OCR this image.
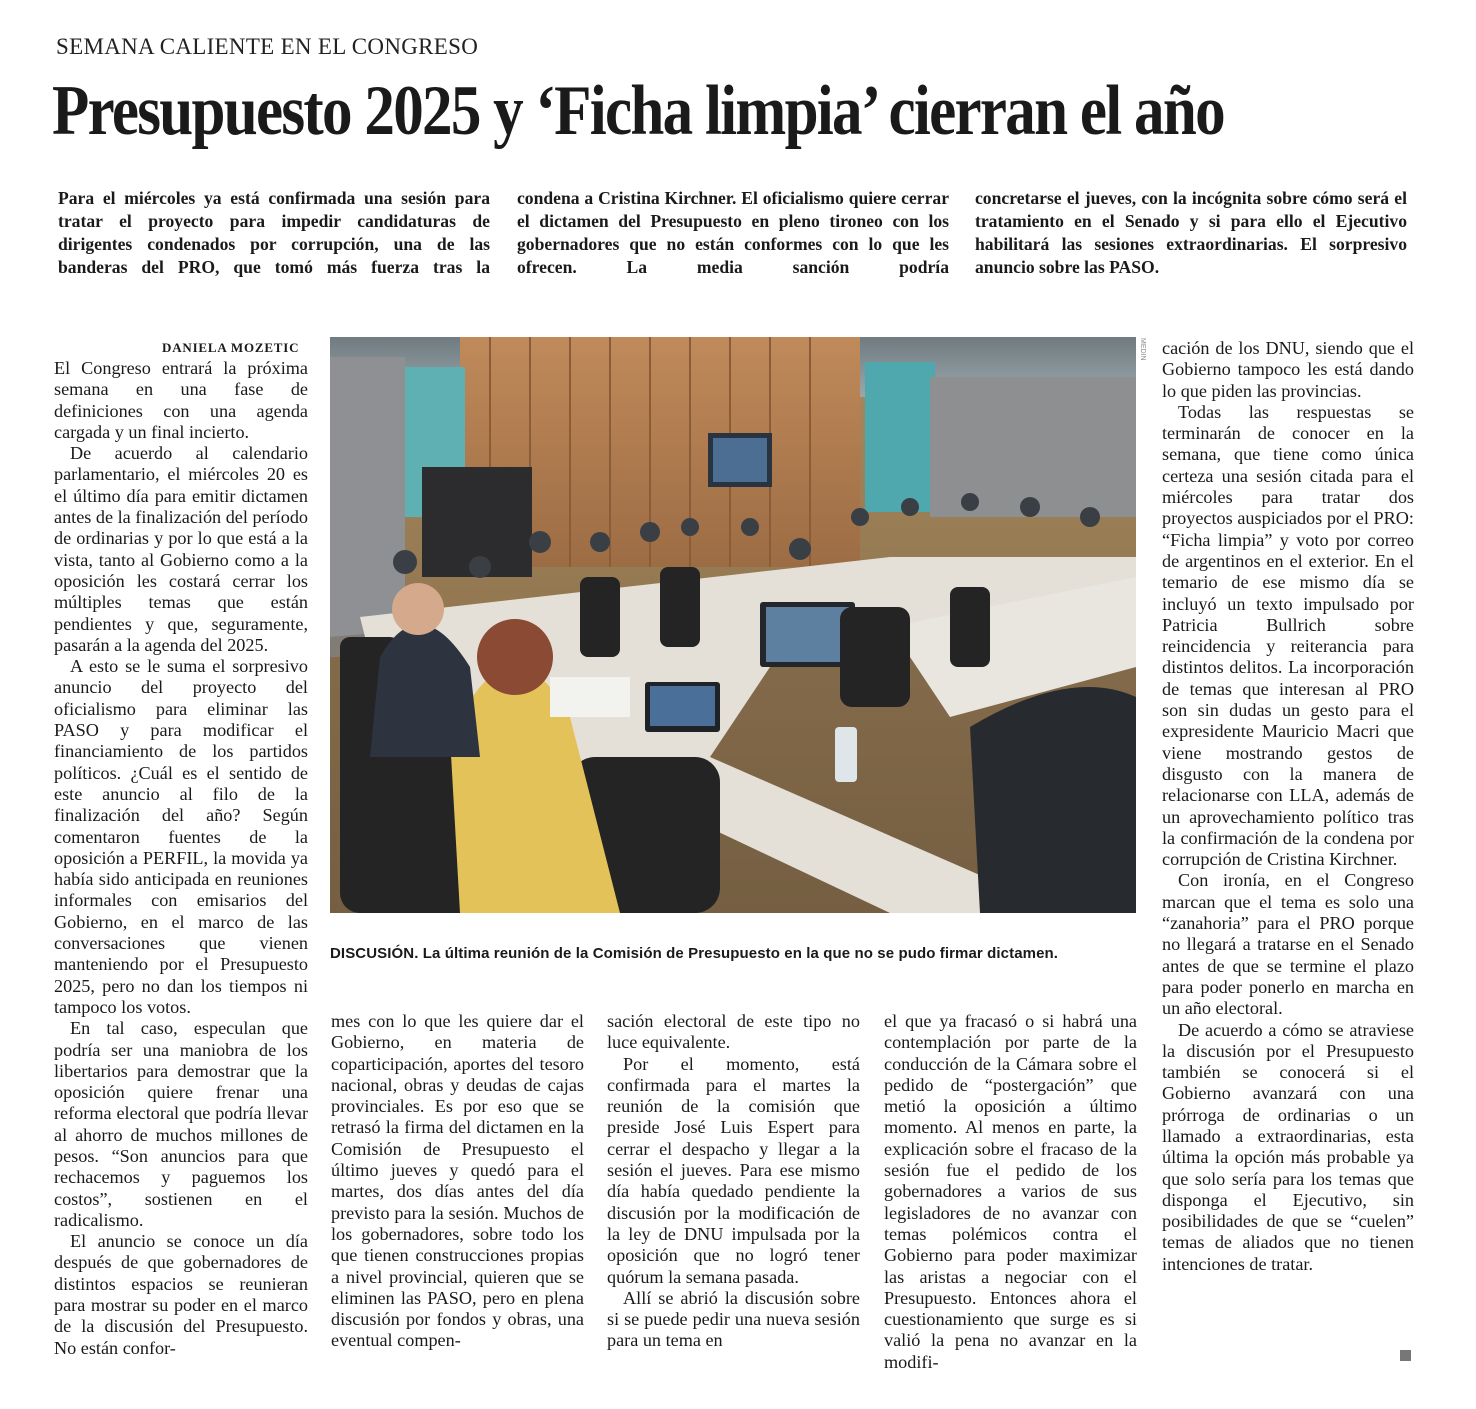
SEMANA CALIENTE EN EL CONGRESO
Presupuesto 2025 y ‘Ficha limpia’ cierran el año

Para el miércoles ya está confirmada una sesión para tratar el proyecto para impedir candidaturas de dirigentes condenados por corrupción, una de las banderas del PRO, que tomó más fuerza tras la

condena a Cristina Kirchner. El oficialismo quiere cerrar el dictamen del Presupuesto en pleno tironeo con los gobernadores que no están conformes con lo que les ofrecen. La media sanción podría

concretarse el jueves, con la incógnita sobre cómo será el tratamiento en el Senado y si para ello el Ejecutivo habilitará las sesiones extraordinarias. El sorpresivo anuncio sobre las PASO.

DANIELA MOZETIC

El Congreso entrará la próxima semana en una fase de definiciones con una agenda cargada y un final incierto.

De acuerdo al calendario parlamentario, el miércoles 20 es el último día para emitir dictamen antes de la finalización del período de ordinarias y por lo que está a la vista, tanto al Gobierno como a la oposición les costará cerrar los múltiples temas que están pendientes y que, seguramente, pasarán a la agenda del 2025.

A esto se le suma el sorpresivo anuncio del proyecto del oficialismo para eliminar las PASO y para modificar el financiamiento de los partidos políticos. ¿Cuál es el sentido de este anuncio al filo de la finalización del año? Según comentaron fuentes de la oposición a PERFIL, la movida ya había sido anticipada en reuniones informales con emisarios del Gobierno, en el marco de las conversaciones que vienen manteniendo por el Presupuesto 2025, pero no dan los tiempos ni tampoco los votos.

En tal caso, especulan que podría ser una maniobra de los libertarios para demostrar que la oposición quiere frenar una reforma electoral que podría llevar al ahorro de muchos millones de pesos. “Son anuncios para que rechacemos y paguemos los costos”, sostienen en el radicalismo.

El anuncio se conoce un día después de que gobernadores de distintos espacios se reunieran para mostrar su poder en el marco de la discusión del Presupuesto. No están confor-

MEDIN
DISCUSIÓN. La última reunión de la Comisión de Presupuesto en la que no se pudo firmar dictamen.

mes con lo que les quiere dar el Gobierno, en materia de coparticipación, aportes del tesoro nacional, obras y deudas de cajas provinciales. Es por eso que se retrasó la firma del dictamen en la Comisión de Presupuesto el último jueves y quedó para el martes, dos días antes del día previsto para la sesión. Muchos de los gobernadores, sobre todo los que tienen construcciones propias a nivel provincial, quieren que se eliminen las PASO, pero en plena discusión por fondos y obras, una eventual compen-

sación electoral de este tipo no luce equivalente.

Por el momento, está confirmada para el martes la reunión de la comisión que preside José Luis Espert para cerrar el despacho y llegar a la sesión el jueves. Para ese mismo día había quedado pendiente la discusión por la modificación de la ley de DNU impulsada por la oposición que no logró tener quórum la semana pasada.

Allí se abrió la discusión sobre si se puede pedir una nueva sesión para un tema en

el que ya fracasó o si habrá una contemplación por parte de la conducción de la Cámara sobre el pedido de “postergación” que metió la oposición a último momento. Al menos en parte, la explicación sobre el fracaso de la sesión fue el pedido de los gobernadores a varios de sus legisladores de no avanzar con temas polémicos contra el Gobierno para poder maximizar las aristas a negociar con el Presupuesto. Entonces ahora el cuestionamiento que surge es si valió la pena no avanzar en la modifi-

cación de los DNU, siendo que el Gobierno tampoco les está dando lo que piden las provincias.

Todas las respuestas se terminarán de conocer en la semana, que tiene como única certeza una sesión citada para el miércoles para tratar dos proyectos auspiciados por el PRO: “Ficha limpia” y voto por correo de argentinos en el exterior. En el temario de ese mismo día se incluyó un texto impulsado por Patricia Bullrich sobre reincidencia y reiterancia para distintos delitos. La incorporación de temas que interesan al PRO son sin dudas un gesto para el expresidente Mauricio Macri que viene mostrando gestos de disgusto con la manera de relacionarse con LLA, además de un aprovechamiento político tras la confirmación de la condena por corrupción de Cristina Kirchner.

Con ironía, en el Congreso marcan que el tema es solo una “zanahoria” para el PRO porque no llegará a tratarse en el Senado antes de que se termine el plazo para poder ponerlo en marcha en un año electoral.

De acuerdo a cómo se atraviese la discusión por el Presupuesto también se conocerá si el Gobierno avanzará con una prórroga de ordinarias o un llamado a extraordinarias, esta última la opción más probable ya que solo sería para los temas que disponga el Ejecutivo, sin posibilidades de que se “cuelen” temas de aliados que no tienen intenciones de tratar.
